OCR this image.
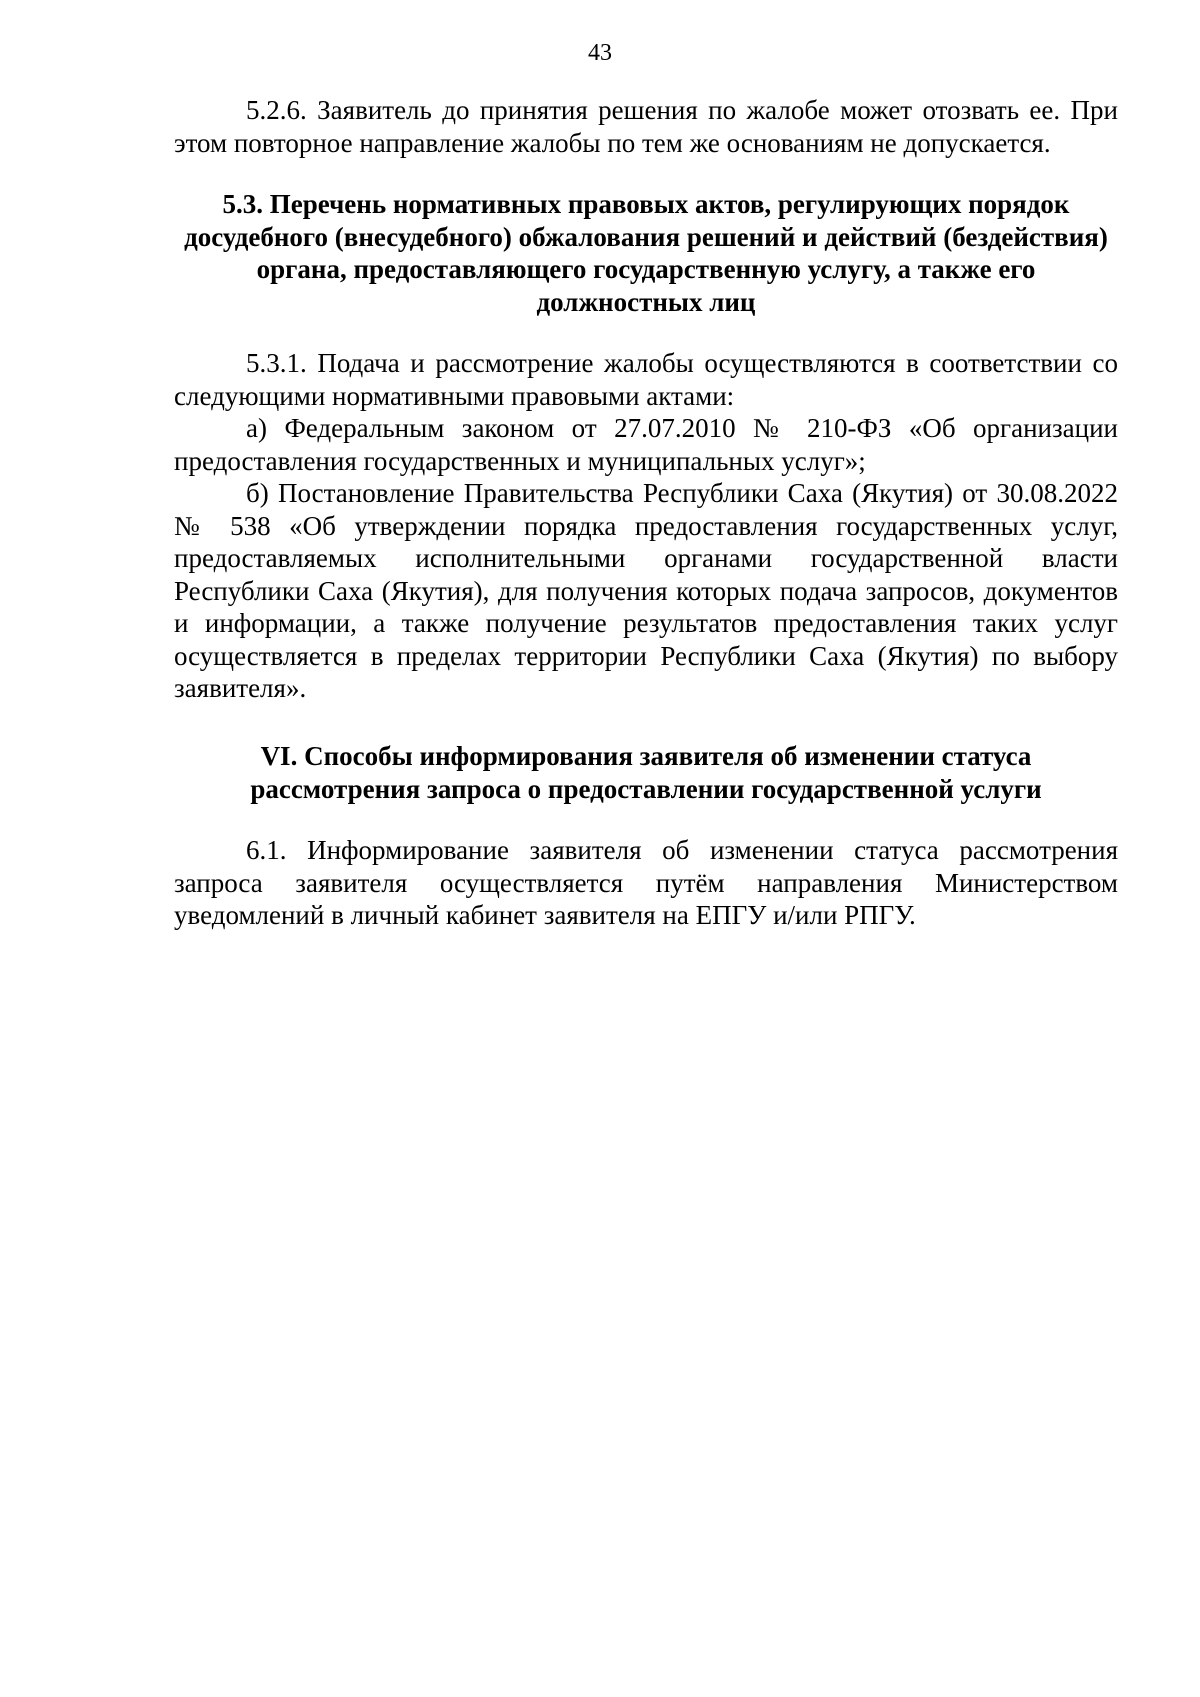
43

5.2.6. Заявитель до принятия решения по жалобе может отозвать ее. При этом повторное направление жалобы по тем же основаниям не допускается.

5.3. Перечень нормативных правовых актов, регулирующих порядок досудебного (внесудебного) обжалования решений и действий (бездействия) органа, предоставляющего государственную услугу, а также его должностных лиц

5.3.1. Подача и рассмотрение жалобы осуществляются в соответствии со следующими нормативными правовыми актами:

а) Федеральным законом от 27.07.2010 № 210-ФЗ «Об организации предоставления государственных и муниципальных услуг»;

б) Постановление Правительства Республики Саха (Якутия) от 30.08.2022 № 538 «Об утверждении порядка предоставления государственных услуг, предоставляемых исполнительными органами государственной власти Республики Саха (Якутия), для получения которых подача запросов, документов и информации, а также получение результатов предоставления таких услуг осуществляется в пределах территории Республики Саха (Якутия) по выбору заявителя».

VI. Способы информирования заявителя об изменении статуса рассмотрения запроса о предоставлении государственной услуги

6.1. Информирование заявителя об изменении статуса рассмотрения запроса заявителя осуществляется путём направления Министерством уведомлений в личный кабинет заявителя на ЕПГУ и/или РПГУ.
